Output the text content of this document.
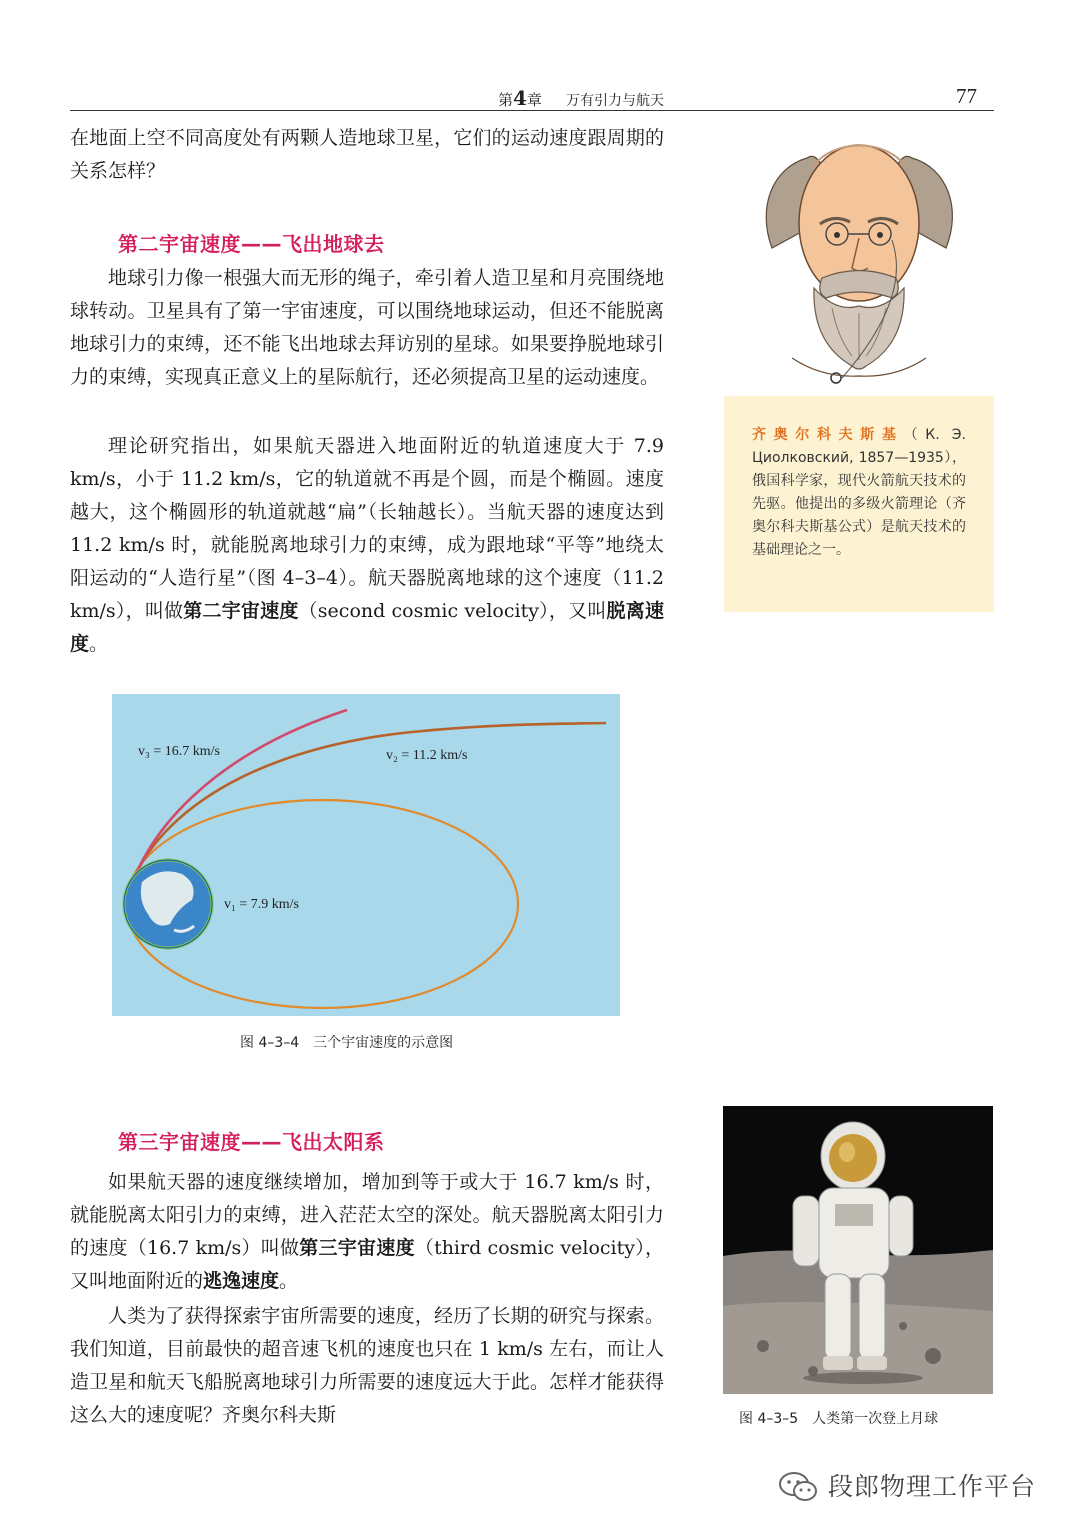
第4章 万有引力与航天	77
在地面上空不同高度处有两颗人造地球卫星，它们的运动速度跟周期的关系怎样？
第二宇宙速度——飞出地球去
地球引力像一根强大而无形的绳子，牵引着人造卫星和月亮围绕地球转动。卫星具有了第一宇宙速度，可以围绕地球运动，但还不能脱离地球引力的束缚，还不能飞出地球去拜访别的星球。如果要挣脱地球引力的束缚，实现真正意义上的星际航行，还必须提高卫星的运动速度。
理论研究指出，如果航天器进入地面附近的轨道速度大于 7.9 km/s，小于 11.2 km/s，它的轨道就不再是个圆，而是个椭圆。速度越大，这个椭圆形的轨道就越“扁”（长轴越长）。当航天器的速度达到 11.2 km/s 时，就能脱离地球引力的束缚，成为跟地球“平等”地绕太阳运动的“人造行星”（图 4–3–4）。航天器脱离地球的这个速度（11.2 km/s），叫做第二宇宙速度（second cosmic velocity），又叫脱离速度。
齐奥尔科夫斯基（К. Э. Циолковский, 1857—1935），俄国科学家，现代火箭航天技术的先驱。他提出的多级火箭理论（齐奥尔科夫斯基公式）是航天技术的基础理论之一。
v₃ = 16.7 km/s	v₂ = 11.2 km/s
v₁ = 7.9 km/s
图 4–3–4　三个宇宙速度的示意图
第三宇宙速度——飞出太阳系
如果航天器的速度继续增加，增加到等于或大于 16.7 km/s 时，就能脱离太阳引力的束缚，进入茫茫太空的深处。航天器脱离太阳引力的速度（16.7 km/s）叫做第三宇宙速度（third cosmic velocity），又叫地面附近的逃逸速度。
人类为了获得探索宇宙所需要的速度，经历了长期的研究与探索。我们知道，目前最快的超音速飞机的速度也只在 1 km/s 左右，而让人造卫星和航天飞船脱离地球引力所需要的速度远大于此。怎样才能获得这么大的速度呢？齐奥尔科夫斯	图 4–3–5　人类第一次登上月球
段郎物理工作平台
